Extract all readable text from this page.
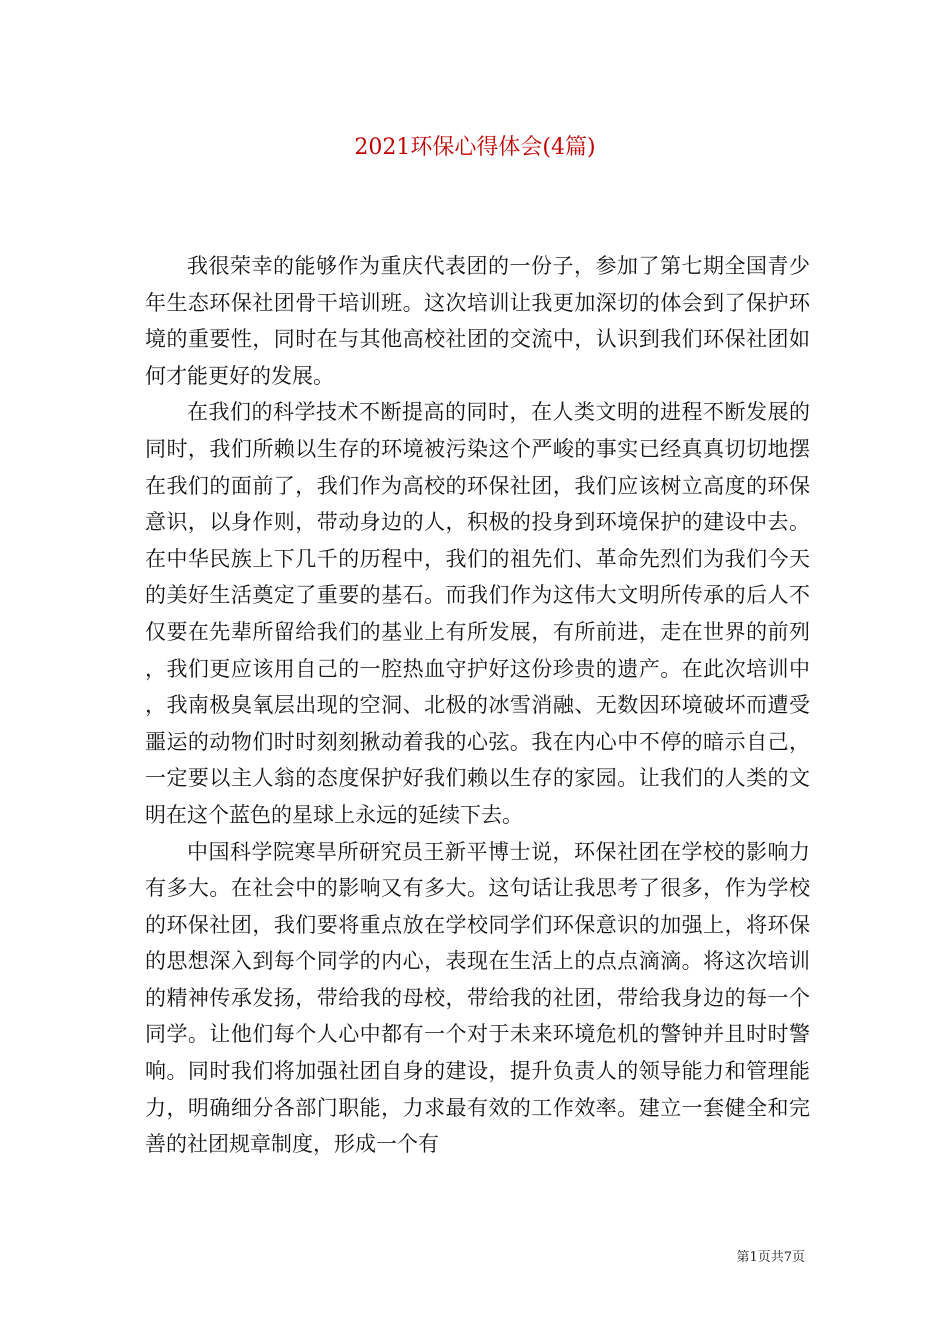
2021环保心得体会(4篇)

我很荣幸的能够作为重庆代表团的一份子，参加了第七期全国青少年生态环保社团骨干培训班。这次培训让我更加深切的体会到了保护环境的重要性，同时在与其他高校社团的交流中，认识到我们环保社团如何才能更好的发展。

在我们的科学技术不断提高的同时，在人类文明的进程不断发展的同时，我们所赖以生存的环境被污染这个严峻的事实已经真真切切地摆在我们的面前了，我们作为高校的环保社团，我们应该树立高度的环保意识，以身作则，带动身边的人，积极的投身到环境保护的建设中去。在中华民族上下几千的历程中，我们的祖先们、革命先烈们为我们今天的美好生活奠定了重要的基石。而我们作为这伟大文明所传承的后人不仅要在先辈所留给我们的基业上有所发展，有所前进，走在世界的前列，我们更应该用自己的一腔热血守护好这份珍贵的遗产。在此次培训中，我南极臭氧层出现的空洞、北极的冰雪消融、无数因环境破坏而遭受噩运的动物们时时刻刻揪动着我的心弦。我在内心中不停的暗示自己，一定要以主人翁的态度保护好我们赖以生存的家园。让我们的人类的文明在这个蓝色的星球上永远的延续下去。

中国科学院寒旱所研究员王新平博士说，环保社团在学校的影响力有多大。在社会中的影响又有多大。这句话让我思考了很多，作为学校的环保社团，我们要将重点放在学校同学们环保意识的加强上，将环保的思想深入到每个同学的内心，表现在生活上的点点滴滴。将这次培训的精神传承发扬，带给我的母校，带给我的社团，带给我身边的每一个同学。让他们每个人心中都有一个对于未来环境危机的警钟并且时时警响。同时我们将加强社团自身的建设，提升负责人的领导能力和管理能力，明确细分各部门职能，力求最有效的工作效率。建立一套健全和完善的社团规章制度，形成一个有

第1页共7页
